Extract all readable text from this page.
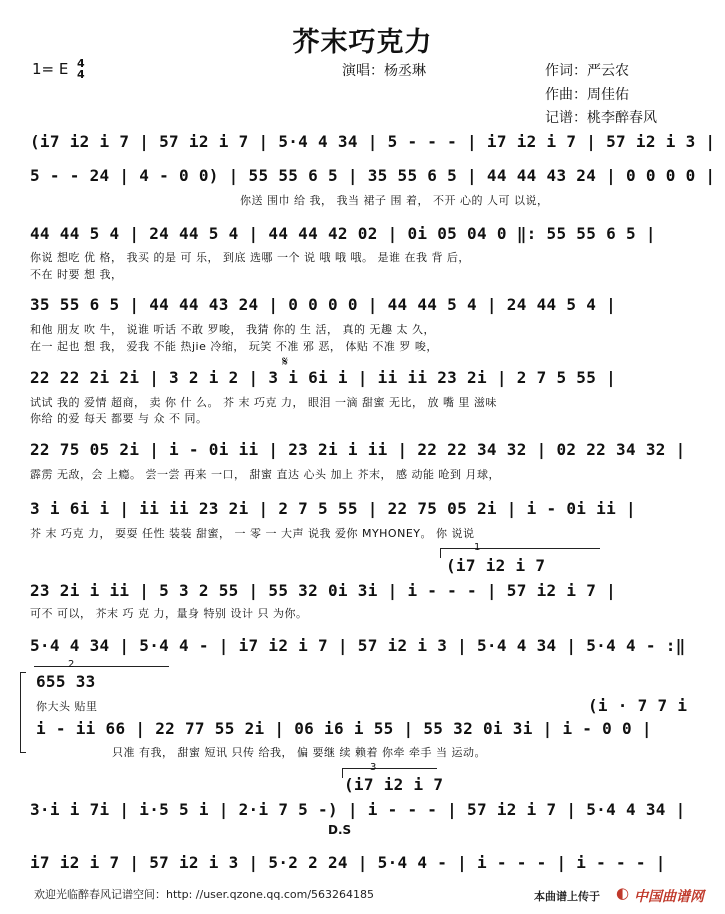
芥末巧克力
1= E 4
4	演唱：杨丞琳	作词：严云农
作曲：周佳佑
记谱：桃李醉春风
(i7 i2 i 7 | 57 i2 i 7 | 5·4 4 34 | 5 - - - | i7 i2 i 7 | 57 i2 i 3 |
5 - - 24 | 4 - 0 0) | 55 55 6 5 | 35 55 6 5 | 44 44 43 24 | 0 0 0 0 |
你送 围巾 给 我， 我当 裙子 围 着， 不开 心的 人可 以说，
44 44 5 4 | 24 44 5 4 | 44 44 42 02 | 0i 05 04 0 ‖: 55 55 6 5 |
你说 想吃 优 格， 我买 的是 可 乐， 到底 选哪 一个 说 哦 哦 哦。 是谁 在我 背 后，
不在 时要 想 我，
35 55 6 5 | 44 44 43 24 | 0 0 0 0 | 44 44 5 4 | 24 44 5 4 |
和他 朋友 吹 牛， 说谁 听话 不敢 罗唆， 我猜 你的 生 活， 真的 无趣 太 久，
在一 起也 想 我， 爱我 不能 热jie 冷缩， 玩笑 不准 邪 恶， 体贴 不准 罗 唆，
𝄋
22 22 2i 2i | 3 2 i 2 | 3 i 6i i | ii ii 23 2i | 2 7 5 55 |
试试 我的 爱情 超商， 卖 你 什 么。 芥 末 巧克 力， 眼泪 一滴 甜蜜 无比， 放 嘴 里 滋味
你给 的爱 每天 都要 与 众 不 同。
22 75 05 2i | i - 0i ii | 23 2i i ii | 22 22 34 32 | 02 22 34 32 |
霹雳 无敌，会 上瘾。 尝一尝 再来 一口， 甜蜜 直达 心头 加上 芥末， 感 动能 呛到 月球，
3 i 6i i | ii ii 23 2i | 2 7 5 55 | 22 75 05 2i | i - 0i ii |
芥 末 巧克 力， 耍耍 任性 装装 甜蜜， 一 零 一 大声 说我 爱你 MYHONEY。 你 说说
1
(i7 i2 i 7
23 2i i ii | 5 3 2 55 | 55 32 0i 3i | i - - - | 57 i2 i 7 |
可不 可以， 芥末 巧 克 力，量身 特别 设计 只 为你。
5·4 4 34 | 5·4 4 - | i7 i2 i 7 | 57 i2 i 3 | 5·4 4 34 | 5·4 4 - :‖
2
655 33
你大头 贴里	(i · 7 7 i
i - ii 66 | 22 77 55 2i | 06 i6 i 55 | 55 32 0i 3i | i - 0 0 |
只准 有我， 甜蜜 短讯 只传 给我， 偏 要继 续 赖着 你牵 牵手 当 运动。
3
(i7 i2 i 7
3·i i 7i | i·5 5 i | 2·i 7 5 -) | i - - - | 57 i2 i 7 | 5·4 4 34 |
D.S
i7 i2 i 7 | 57 i2 i 3 | 5·2 2 24 | 5·4 4 - | i - - - | i - - - |
欢迎光临醉春风记谱空间：http: //user.qzone.qq.com/563264185	本曲谱上传于 ◐ 中国曲谱网
